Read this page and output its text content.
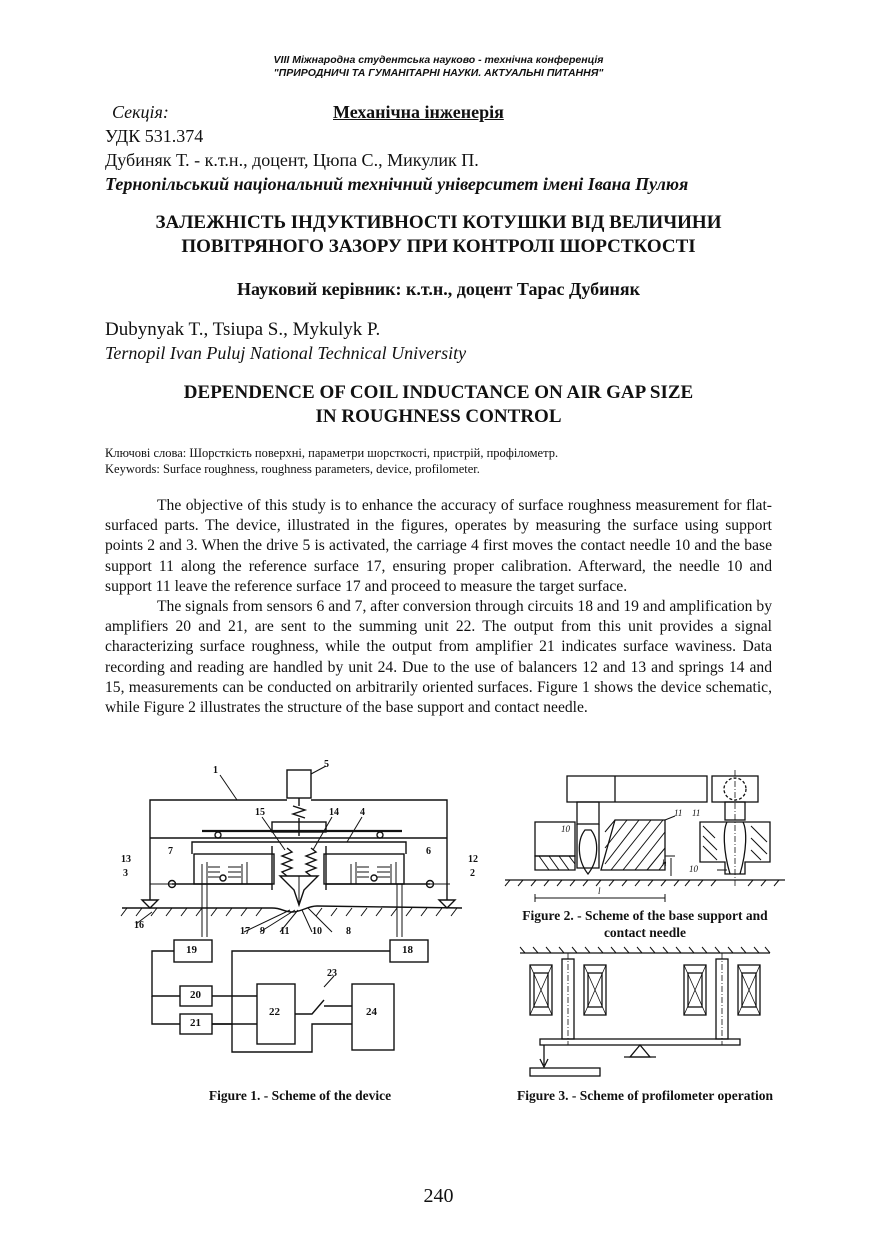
VIII Міжнародна студентська науково - технічна конференція
"ПРИРОДНИЧІ ТА ГУМАНІТАРНІ НАУКИ. АКТУАЛЬНІ ПИТАННЯ"
Секція:	Механічна інженерія
УДК 531.374
Дубиняк Т. - к.т.н., доцент, Цюпа С., Микулик П.
Тернопільський національний технічний університет імені Івана Пулюя
ЗАЛЕЖНІСТЬ ІНДУКТИВНОСТІ КОТУШКИ ВІД ВЕЛИЧИНИ
ПОВІТРЯНОГО ЗАЗОРУ ПРИ КОНТРОЛІ ШОРСТКОСТІ
Науковий керівник: к.т.н., доцент Тарас Дубиняк
Dubynyak T., Tsiupa S., Mykulyk P.
Ternopil Ivan Puluj National Technical University
DEPENDENCE OF COIL INDUCTANCE ON AIR GAP SIZE
IN ROUGHNESS CONTROL
Ключові слова: Шорсткість поверхні, параметри шорсткості, пристрій, профілометр.
Keywords: Surface roughness, roughness parameters, device, profilometer.

The objective of this study is to enhance the accuracy of surface roughness measurement for flat-surfaced parts. The device, illustrated in the figures, operates by measuring the surface using support points 2 and 3. When the drive 5 is activated, the carriage 4 first moves the contact needle 10 and the base support 11 along the reference surface 17, ensuring proper calibration. Afterward, the needle 10 and support 11 leave the reference surface 17 and proceed to measure the target surface.

The signals from sensors 6 and 7, after conversion through circuits 18 and 19 and amplification by amplifiers 20 and 21, are sent to the summing unit 22. The output from this unit provides a signal characterizing surface roughness, while the output from amplifier 21 indicates surface waviness. Data recording and reading are handled by unit 24. Due to the use of balancers 12 and 13 and springs 14 and 15, measurements can be conducted on arbitrarily oriented surfaces. Figure 1 shows the device schematic, while Figure 2 illustrates the structure of the base support and contact needle.

1
5
15	14 4
7	6
13
3
12
2
16
17 9 11 10 8
23
19	18
20
21
22	24
Figure 1. - Scheme of the device
11
10
h
l
11
10
Figure 2. - Scheme of the base support and
contact needle
Figure 3. - Scheme of profilometer operation
240
